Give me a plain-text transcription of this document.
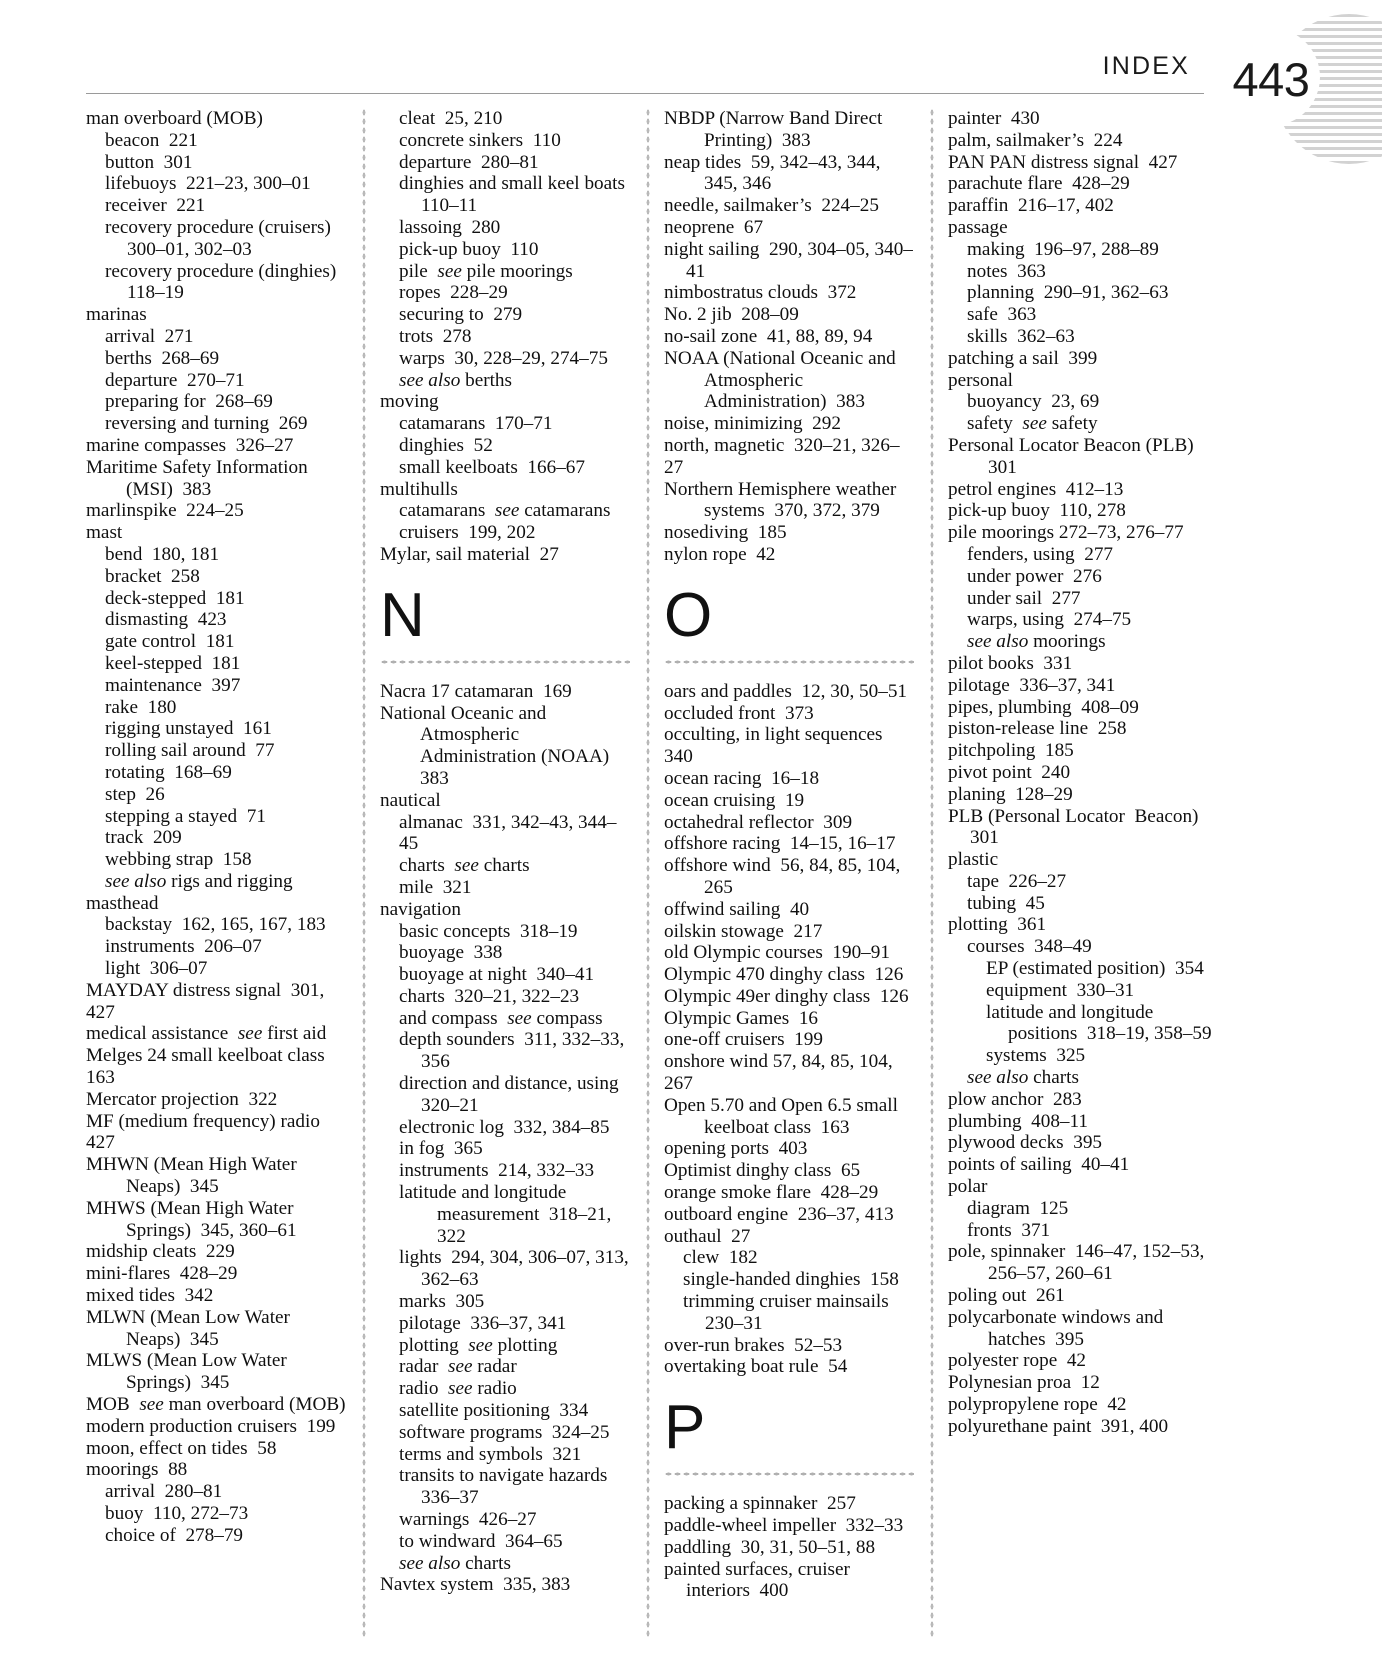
INDEX 443
man overboard (MOB)
beacon  221
button  301
lifebuoys  221–23, 300–01
receiver  221
recovery procedure (cruisers)  300–01, 302–03
recovery procedure (dinghies)  118–19
marinas
arrival  271
berths  268–69
departure  270–71
preparing for  268–69
reversing and turning  269
marine compasses  326–27
Maritime Safety Information (MSI)  383
marlinspike  224–25
mast
bend  180, 181
bracket  258
deck-stepped  181
dismasting  423
gate control  181
keel-stepped  181
maintenance  397
rake  180
rigging unstayed  161
rolling sail around  77
rotating  168–69
step  26
stepping a stayed  71
track  209
webbing strap  158
see also rigs and rigging
masthead
backstay  162, 165, 167, 183
instruments  206–07
light  306–07
MAYDAY distress signal  301, 427
medical assistance  see first aid
Melges 24 small keelboat class  163
Mercator projection  322
MF (medium frequency) radio  427
MHWN (Mean High Water Neaps)  345
MHWS (Mean High Water Springs)  345, 360–61
midship cleats  229
mini-flares  428–29
mixed tides  342
MLWN (Mean Low Water Neaps)  345
MLWS (Mean Low Water Springs)  345
MOB  see man overboard (MOB)
modern production cruisers  199
moon, effect on tides  58
moorings  88
arrival  280–81
buoy  110, 272–73
choice of  278–79
cleat  25, 210
concrete sinkers  110
departure  280–81
dinghies and small keel boats  110–11
lassoing  280
pick-up buoy  110
pile  see pile moorings
ropes  228–29
securing to  279
trots  278
warps  30, 228–29, 274–75
see also berths
moving
catamarans  170–71
dinghies  52
small keelboats  166–67
multihulls
catamarans  see catamarans
cruisers  199, 202
Mylar, sail material  27
N
Nacra 17 catamaran  169
National Oceanic and Atmospheric  Administration (NOAA)  383
nautical
almanac  331, 342–43, 344–45
charts  see charts
mile  321
navigation
basic concepts  318–19
buoyage  338
buoyage at night  340–41
charts  320–21, 322–23
and compass  see compass
depth sounders  311, 332–33, 356
direction and distance, using  320–21
electronic log  332, 384–85
in fog  365
instruments  214, 332–33
latitude and longitude  measurement  318–21, 322
lights  294, 304, 306–07, 313, 362–63
marks  305
pilotage  336–37, 341
plotting  see plotting
radar  see radar
radio  see radio
satellite positioning  334
software programs  324–25
terms and symbols  321
transits to navigate hazards  336–37
warnings  426–27
to windward  364–65
see also charts
Navtex system  335, 383
NBDP (Narrow Band Direct  Printing)  383
neap tides  59, 342–43, 344, 345, 346
needle, sailmaker’s  224–25
neoprene  67
night sailing  290, 304–05, 340–41
nimbostratus clouds  372
No. 2 jib  208–09
no-sail zone  41, 88, 89, 94
NOAA (National Oceanic and  Atmospheric Administration)  383
noise, minimizing  292
north, magnetic  320–21, 326–27
Northern Hemisphere weather  systems  370, 372, 379
nosediving  185
nylon rope  42
O
oars and paddles  12, 30, 50–51
occluded front  373
occulting, in light sequences  340
ocean racing  16–18
ocean cruising  19
octahedral reflector  309
offshore racing  14–15, 16–17
offshore wind  56, 84, 85, 104, 265
offwind sailing  40
oilskin stowage  217
old Olympic courses  190–91
Olympic 470 dinghy class  126
Olympic 49er dinghy class  126
Olympic Games  16
one-off cruisers  199
onshore wind 57, 84, 85, 104, 267
Open 5.70 and Open 6.5 small  keelboat class  163
opening ports  403
Optimist dinghy class  65
orange smoke flare  428–29
outboard engine  236–37, 413
outhaul  27
clew  182
single-handed dinghies  158
trimming cruiser mainsails  230–31
over-run brakes  52–53
overtaking boat rule  54
P
packing a spinnaker  257
paddle-wheel impeller  332–33
paddling  30, 31, 50–51, 88
painted surfaces, cruiser  interiors  400
painter  430
palm, sailmaker’s  224
PAN PAN distress signal  427
parachute flare  428–29
paraffin  216–17, 402
passage
making  196–97, 288–89
notes  363
planning  290–91, 362–63
safe  363
skills  362–63
patching a sail  399
personal
buoyancy  23, 69
safety  see safety
Personal Locator Beacon (PLB)  301
petrol engines  412–13
pick-up buoy  110, 278
pile moorings 272–73, 276–77
fenders, using  277
under power  276
under sail  277
warps, using  274–75
see also moorings
pilot books  331
pilotage  336–37, 341
pipes, plumbing  408–09
piston-release line  258
pitchpoling  185
pivot point  240
planing  128–29
PLB (Personal Locator  Beacon)  301
plastic
tape  226–27
tubing  45
plotting  361
courses  348–49
EP (estimated position)  354
equipment  330–31
latitude and longitude positions  318–19, 358–59
systems  325
see also charts
plow anchor  283
plumbing  408–11
plywood decks  395
points of sailing  40–41
polar
diagram  125
fronts  371
pole, spinnaker  146–47, 152–53, 256–57, 260–61
poling out  261
polycarbonate windows and  hatches  395
polyester rope  42
Polynesian proa  12
polypropylene rope  42
polyurethane paint  391, 400
